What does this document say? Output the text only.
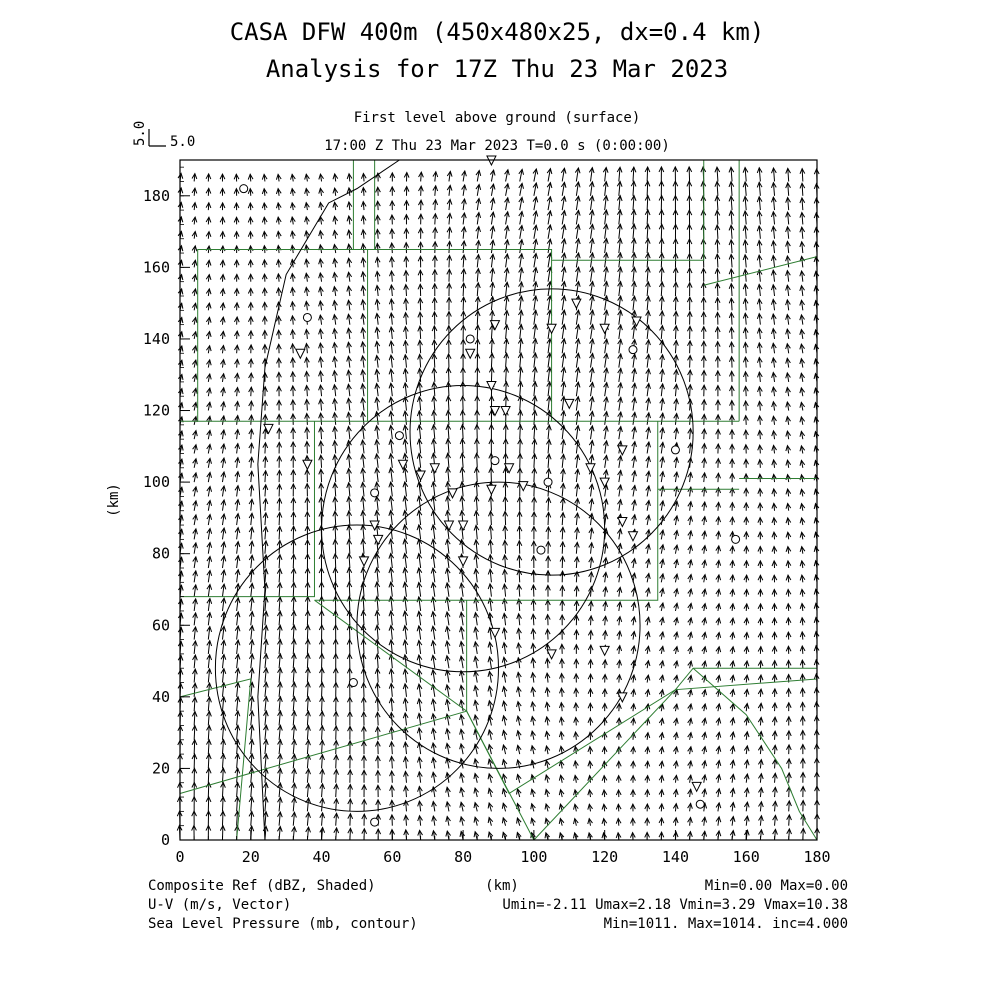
CASA DFW 400m (450x480x25, dx=0.4 km)
Analysis for 17Z Thu 23 Mar 2023
First level above ground (surface)
17:00 Z Thu 23 Mar 2023 T=0.0 s (0:00:00)
5.0 5.0
0	20	40	60	80	100	120	140	160	180
0
20
40
60
80
100
120
140
160
180
(km)
Composite Ref (dBZ, Shaded)
U-V (m/s, Vector)
Sea Level Pressure (mb, contour)
(km)	Min=0.00 Max=0.00
Umin=-2.11 Umax=2.18 Vmin=3.29 Vmax=10.38
Min=1011. Max=1014. inc=4.000
